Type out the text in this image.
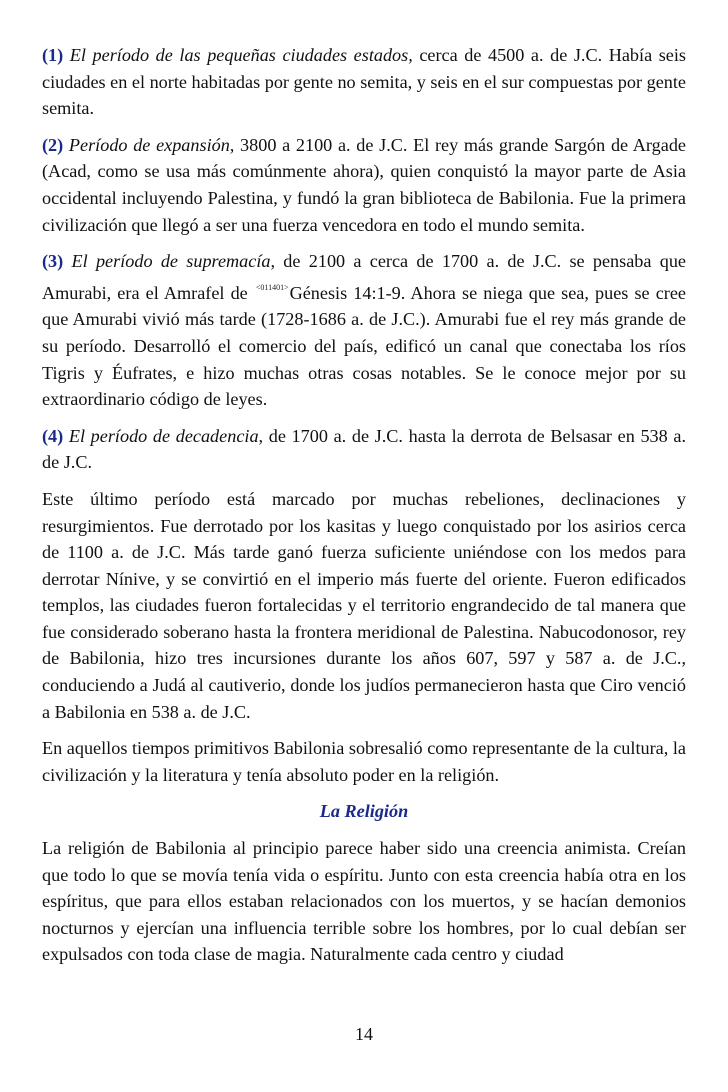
(1) El período de las pequeñas ciudades estados, cerca de 4500 a. de J.C. Había seis ciudades en el norte habitadas por gente no semita, y seis en el sur compuestas por gente semita.

(2) Período de expansión, 3800 a 2100 a. de J.C. El rey más grande Sargón de Argade (Acad, como se usa más comúnmente ahora), quien conquistó la mayor parte de Asia occidental incluyendo Palestina, y fundó la gran biblioteca de Babilonia. Fue la primera civilización que llegó a ser una fuerza vencedora en todo el mundo semita.

(3) El período de supremacía, de 2100 a cerca de 1700 a. de J.C. se pensaba que Amurabi, era el Amrafel de $^{<011401>}$Génesis 14:1-9. Ahora se niega que sea, pues se cree que Amurabi vivió más tarde (1728-1686 a. de J.C.). Amurabi fue el rey más grande de su período. Desarrolló el comercio del país, edificó un canal que conectaba los ríos Tigris y Éufrates, e hizo muchas otras cosas notables. Se le conoce mejor por su extraordinario código de leyes.

(4) El período de decadencia, de 1700 a. de J.C. hasta la derrota de Belsasar en 538 a. de J.C.

Este último período está marcado por muchas rebeliones, declinaciones y resurgimientos. Fue derrotado por los kasitas y luego conquistado por los asirios cerca de 1100 a. de J.C. Más tarde ganó fuerza suficiente uniéndose con los medos para derrotar Nínive, y se convirtió en el imperio más fuerte del oriente. Fueron edificados templos, las ciudades fueron fortalecidas y el territorio engrandecido de tal manera que fue considerado soberano hasta la frontera meridional de Palestina. Nabucodonosor, rey de Babilonia, hizo tres incursiones durante los años 607, 597 y 587 a. de J.C., conduciendo a Judá al cautiverio, donde los judíos permanecieron hasta que Ciro venció a Babilonia en 538 a. de J.C.

En aquellos tiempos primitivos Babilonia sobresalió como representante de la cultura, la civilización y la literatura y tenía absoluto poder en la religión.

La Religión

La religión de Babilonia al principio parece haber sido una creencia animista. Creían que todo lo que se movía tenía vida o espíritu. Junto con esta creencia había otra en los espíritus, que para ellos estaban relacionados con los muertos, y se hacían demonios nocturnos y ejercían una influencia terrible sobre los hombres, por lo cual debían ser expulsados con toda clase de magia. Naturalmente cada centro y ciudad

14
